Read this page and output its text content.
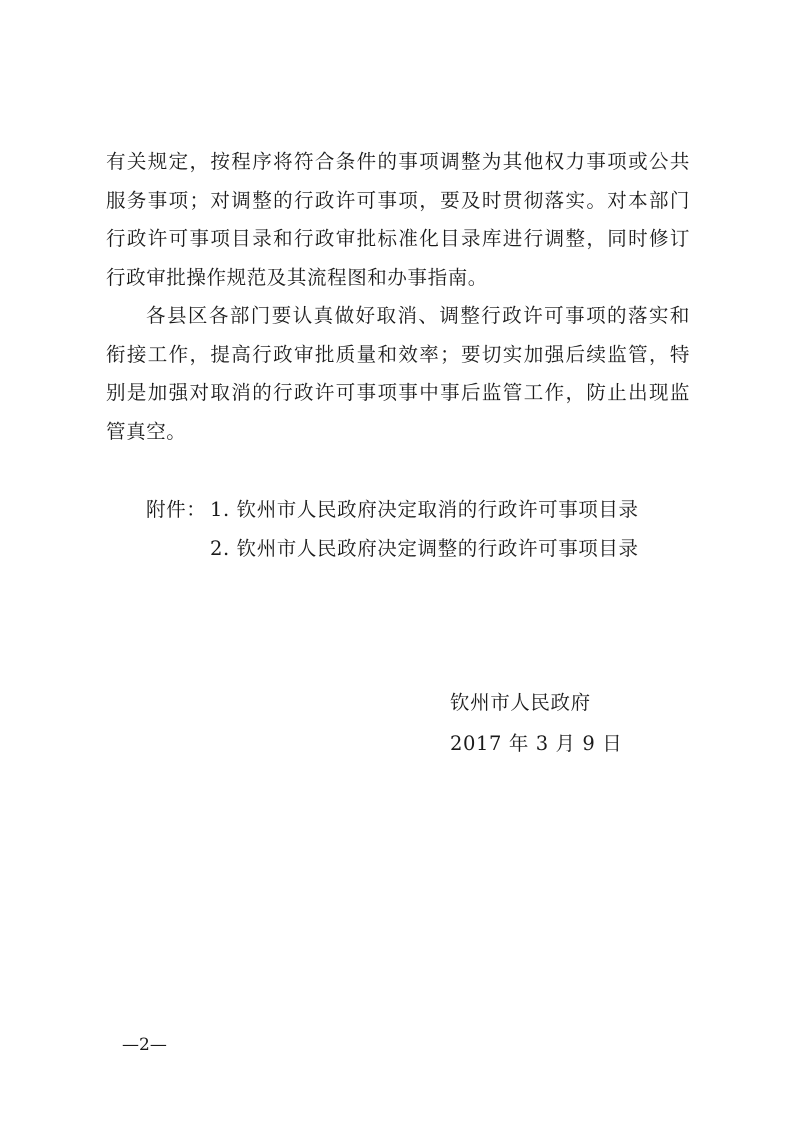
有关规定，按程序将符合条件的事项调整为其他权力事项或公共
服务事项；对调整的行政许可事项，要及时贯彻落实。对本部门
行政许可事项目录和行政审批标准化目录库进行调整，同时修订
行政审批操作规范及其流程图和办事指南。
各县区各部门要认真做好取消、调整行政许可事项的落实和
衔接工作，提高行政审批质量和效率；要切实加强后续监管，特
别是加强对取消的行政许可事项事中事后监管工作，防止出现监
管真空。
附件： 1. 钦州市人民政府决定取消的行政许可事项目录
2. 钦州市人民政府决定调整的行政许可事项目录
钦州市人民政府
2017 年 3 月 9 日
—2—
